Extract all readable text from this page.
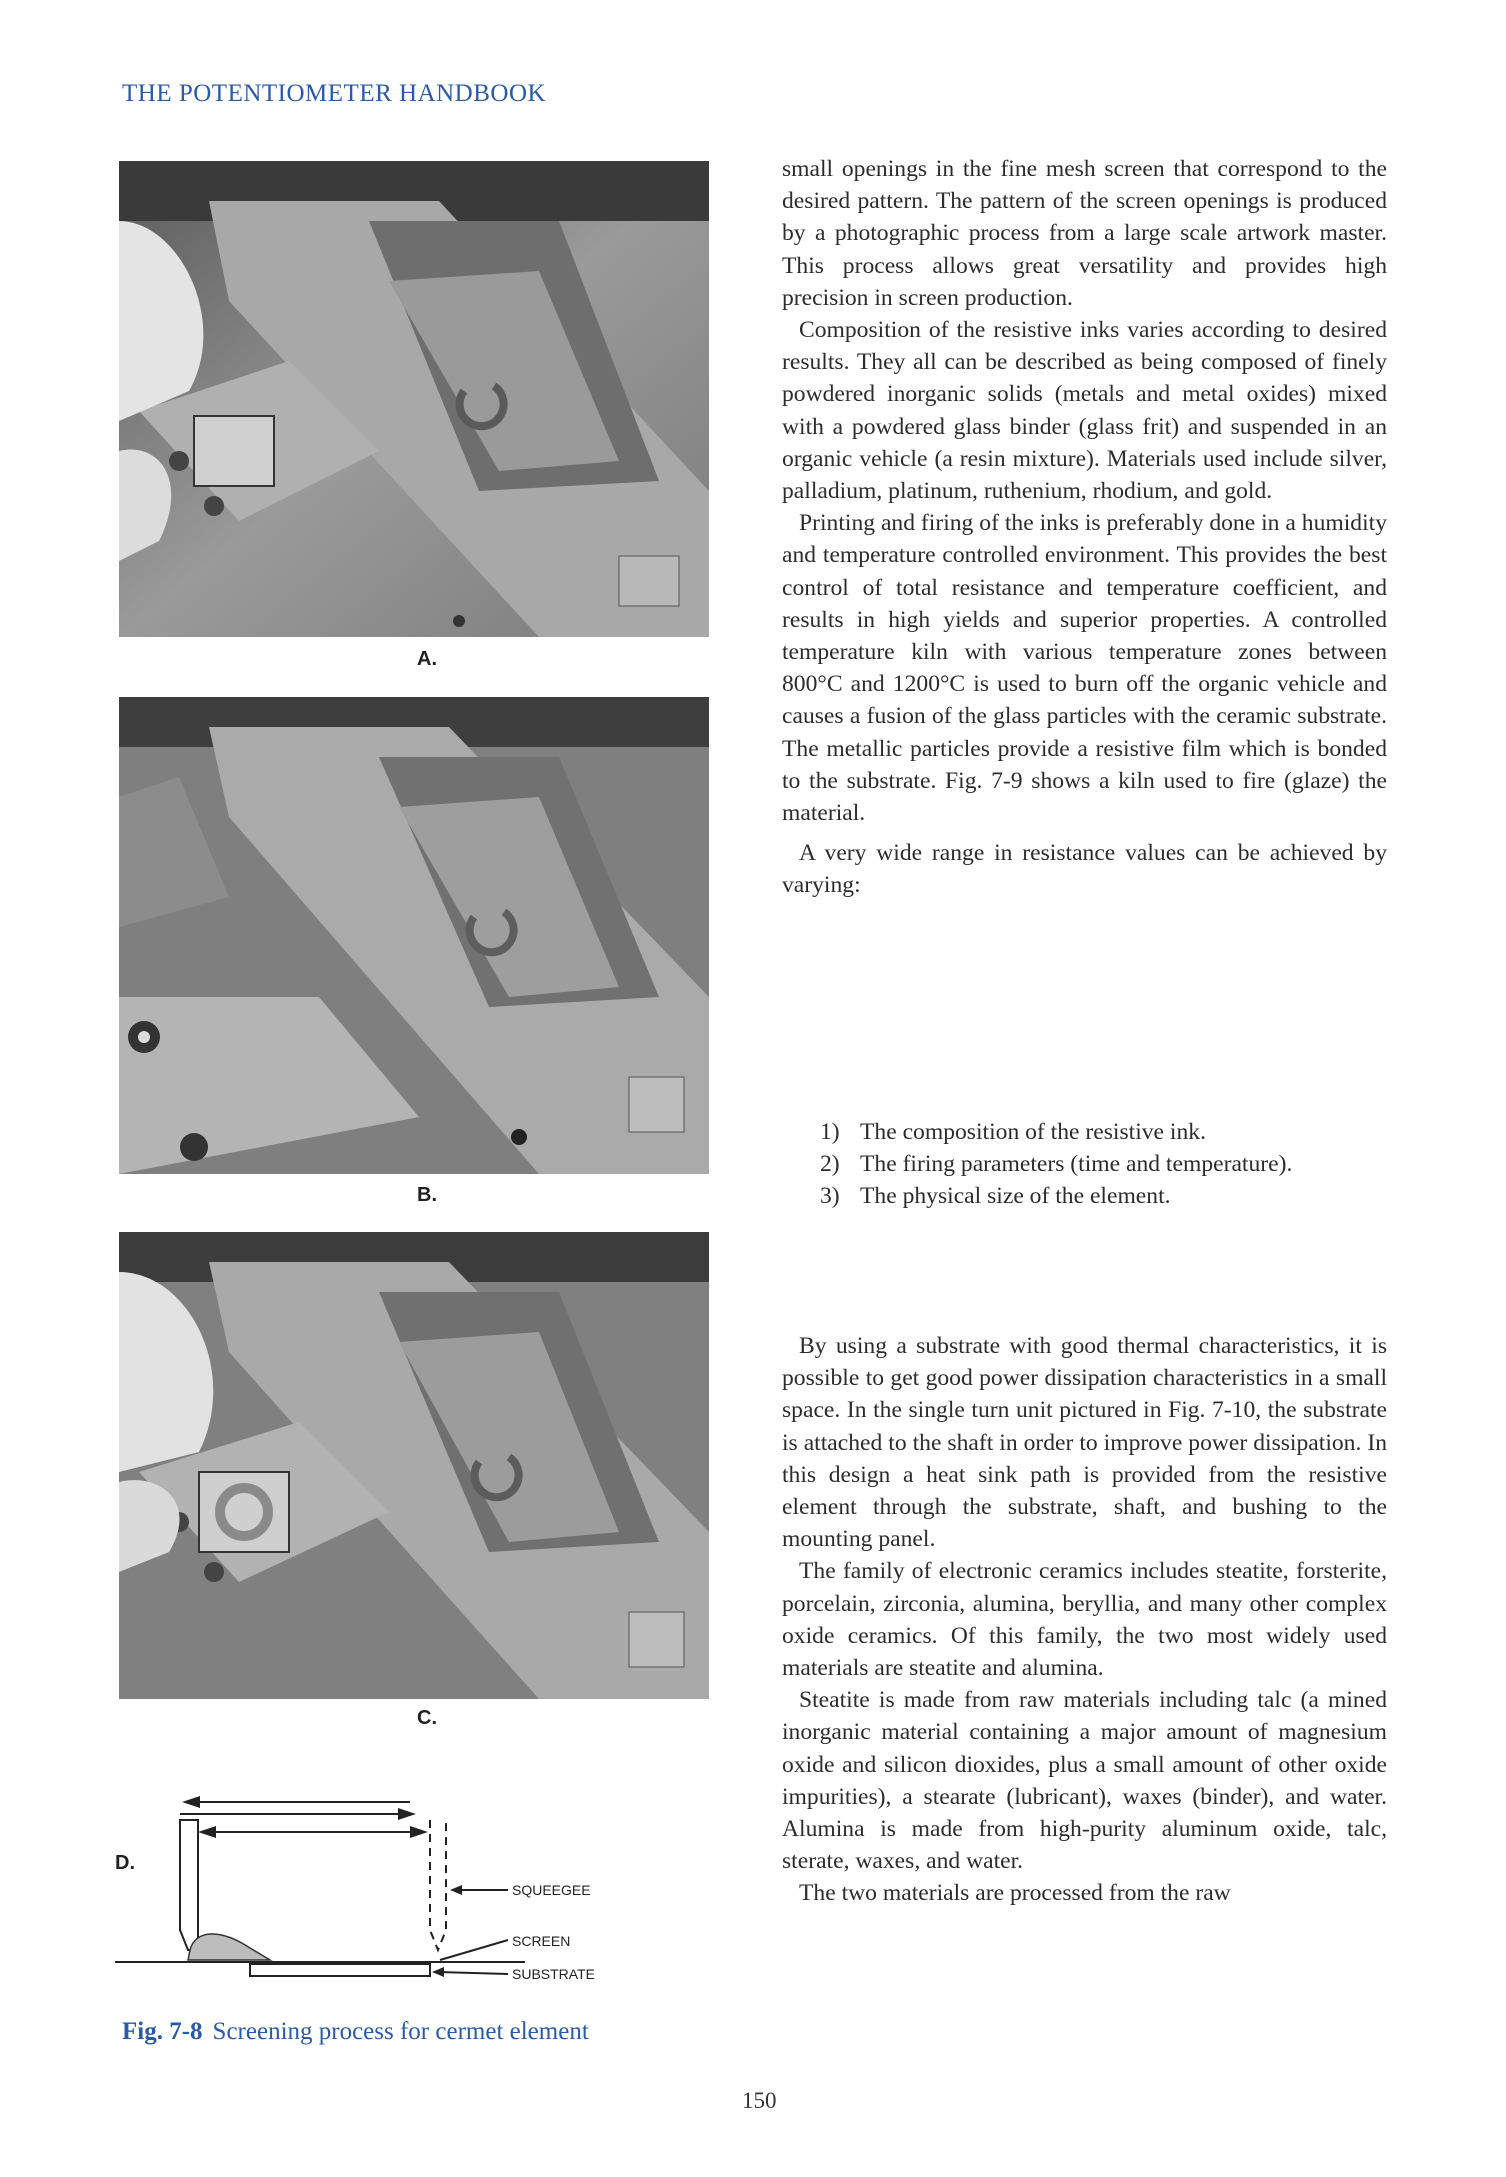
THE POTENTIOMETER HANDBOOK
A.
B.
C.
D.
SQUEEGEE
SCREEN
SUBSTRATE
Fig. 7-8 Screening process for cermet element

small openings in the fine mesh screen that correspond to the desired pattern. The pattern of the screen openings is produced by a photographic process from a large scale artwork master. This process allows great versatility and provides high precision in screen production.

Composition of the resistive inks varies according to desired results. They all can be described as being composed of finely powdered inorganic solids (metals and metal oxides) mixed with a powdered glass binder (glass frit) and suspended in an organic vehicle (a resin mixture). Materials used include silver, palladium, platinum, ruthenium, rhodium, and gold.

Printing and firing of the inks is preferably done in a humidity and temperature controlled environment. This provides the best control of total resistance and temperature coefficient, and results in high yields and superior properties. A controlled temperature kiln with various temperature zones between 800°C and 1200°C is used to burn off the organic vehicle and causes a fusion of the glass particles with the ceramic substrate. The metallic particles provide a resistive film which is bonded to the substrate. Fig. 7-9 shows a kiln used to fire (glaze) the material.

A very wide range in resistance values can be achieved by varying:

1) The composition of the resistive ink.
2) The firing parameters (time and temperature).
3) The physical size of the element.

By using a substrate with good thermal characteristics, it is possible to get good power dissipation characteristics in a small space. In the single turn unit pictured in Fig. 7-10, the substrate is attached to the shaft in order to improve power dissipation. In this design a heat sink path is provided from the resistive element through the substrate, shaft, and bushing to the mounting panel.

The family of electronic ceramics includes steatite, forsterite, porcelain, zirconia, alumina, beryllia, and many other complex oxide ceramics. Of this family, the two most widely used materials are steatite and alumina.

Steatite is made from raw materials including talc (a mined inorganic material containing a major amount of magnesium oxide and silicon dioxides, plus a small amount of other oxide impurities), a stearate (lubricant), waxes (binder), and water. Alumina is made from high-purity aluminum oxide, talc, sterate, waxes, and water.

The two materials are processed from the raw

150
